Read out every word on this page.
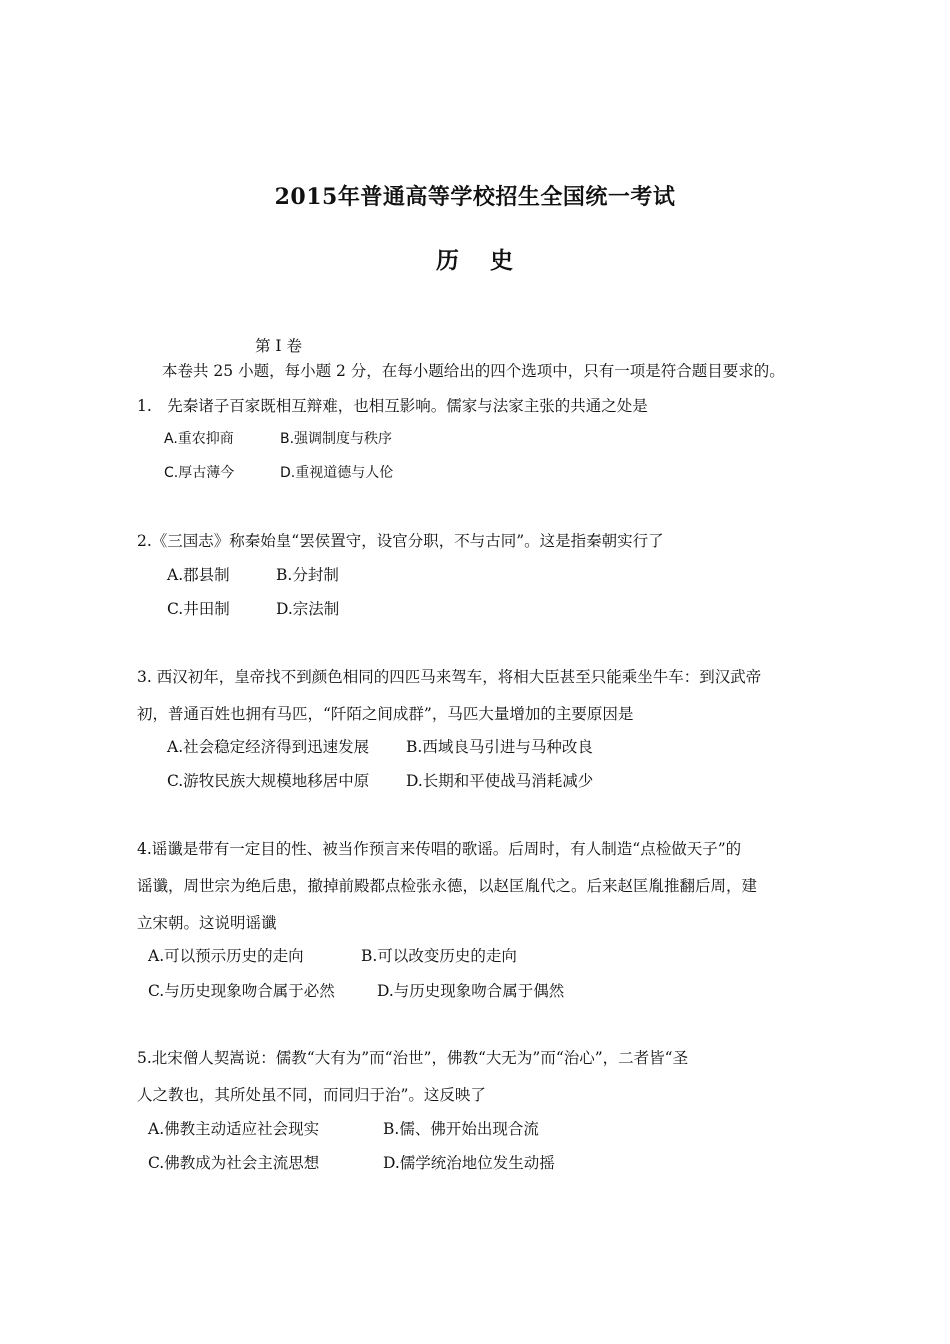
2015年普通高等学校招生全国统一考试
历 史
第 I 卷
本卷共 25 小题，每小题 2 分，在每小题给出的四个选项中，只有一项是符合题目要求的。
1.　先秦诸子百家既相互辩难，也相互影响。儒家与法家主张的共通之处是
A.重农抑商	B.强调制度与秩序
C.厚古薄今	D.重视道德与人伦
2.《三国志》称秦始皇“罢侯置守，设官分职，不与古同”。这是指秦朝实行了
A.郡县制	B.分封制
C.井田制	D.宗法制
3. 西汉初年，皇帝找不到颜色相同的四匹马来驾车，将相大臣甚至只能乘坐牛车：到汉武帝
初，普通百姓也拥有马匹，“阡陌之间成群”，马匹大量增加的主要原因是
A.社会稳定经济得到迅速发展 B.西域良马引进与马种改良
C.游牧民族大规模地移居中原 D.长期和平使战马消耗减少
4.谣谶是带有一定目的性、被当作预言来传唱的歌谣。后周时，有人制造“点检做天子”的
谣谶，周世宗为绝后患，撤掉前殿都点检张永德，以赵匡胤代之。后来赵匡胤推翻后周，建
立宋朝。这说明谣谶
A.可以预示历史的走向	B.可以改变历史的走向
C.与历史现象吻合属于必然	D.与历史现象吻合属于偶然
5.北宋僧人契嵩说：儒教“大有为”而“治世”，佛教“大无为”而“治心”，二者皆“圣
人之教也，其所处虽不同，而同归于治”。这反映了
A.佛教主动适应社会现实	B.儒、佛开始出现合流
C.佛教成为社会主流思想	D.儒学统治地位发生动摇
